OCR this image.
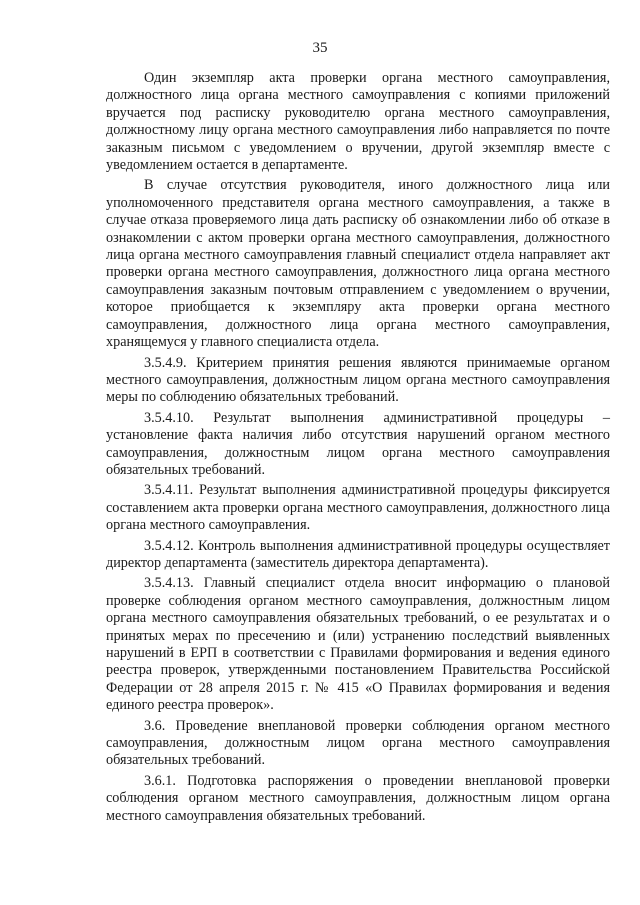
35

Один экземпляр акта проверки органа местного самоуправления, должностного лица органа местного самоуправления с копиями приложений вручается под расписку руководителю органа местного самоуправления, должностному лицу органа местного самоуправления либо направляется по почте заказным письмом с уведомлением о вручении, другой экземпляр вместе с уведомлением остается в департаменте.

В случае отсутствия руководителя, иного должностного лица или уполномоченного представителя органа местного самоуправления, а также в случае отказа проверяемого лица дать расписку об ознакомлении либо об отказе в ознакомлении с актом проверки органа местного самоуправления, должностного лица органа местного самоуправления главный специалист отдела направляет акт проверки органа местного самоуправления, должностного лица органа местного самоуправления заказным почтовым отправлением с уведомлением о вручении, которое приобщается к экземпляру акта проверки органа местного самоуправления, должностного лица органа местного самоуправления, хранящемуся у главного специалиста отдела.

3.5.4.9. Критерием принятия решения являются принимаемые органом местного самоуправления, должностным лицом органа местного самоуправления меры по соблюдению обязательных требований.

3.5.4.10. Результат выполнения административной процедуры – установление факта наличия либо отсутствия нарушений органом местного самоуправления, должностным лицом органа местного самоуправления обязательных требований.

3.5.4.11. Результат выполнения административной процедуры фиксируется составлением акта проверки органа местного самоуправления, должностного лица органа местного самоуправления.

3.5.4.12. Контроль выполнения административной процедуры осуществляет директор департамента (заместитель директора департамента).

3.5.4.13. Главный специалист отдела вносит информацию о плановой проверке соблюдения органом местного самоуправления, должностным лицом органа местного самоуправления обязательных требований, о ее результатах и о принятых мерах по пресечению и (или) устранению последствий выявленных нарушений в ЕРП в соответствии с Правилами формирования и ведения единого реестра проверок, утвержденными постановлением Правительства Российской Федерации от 28 апреля 2015 г. № 415 «О Правилах формирования и ведения единого реестра проверок».

3.6. Проведение внеплановой проверки соблюдения органом местного самоуправления, должностным лицом органа местного самоуправления обязательных требований.

3.6.1. Подготовка распоряжения о проведении внеплановой проверки соблюдения органом местного самоуправления, должностным лицом органа местного самоуправления обязательных требований.
